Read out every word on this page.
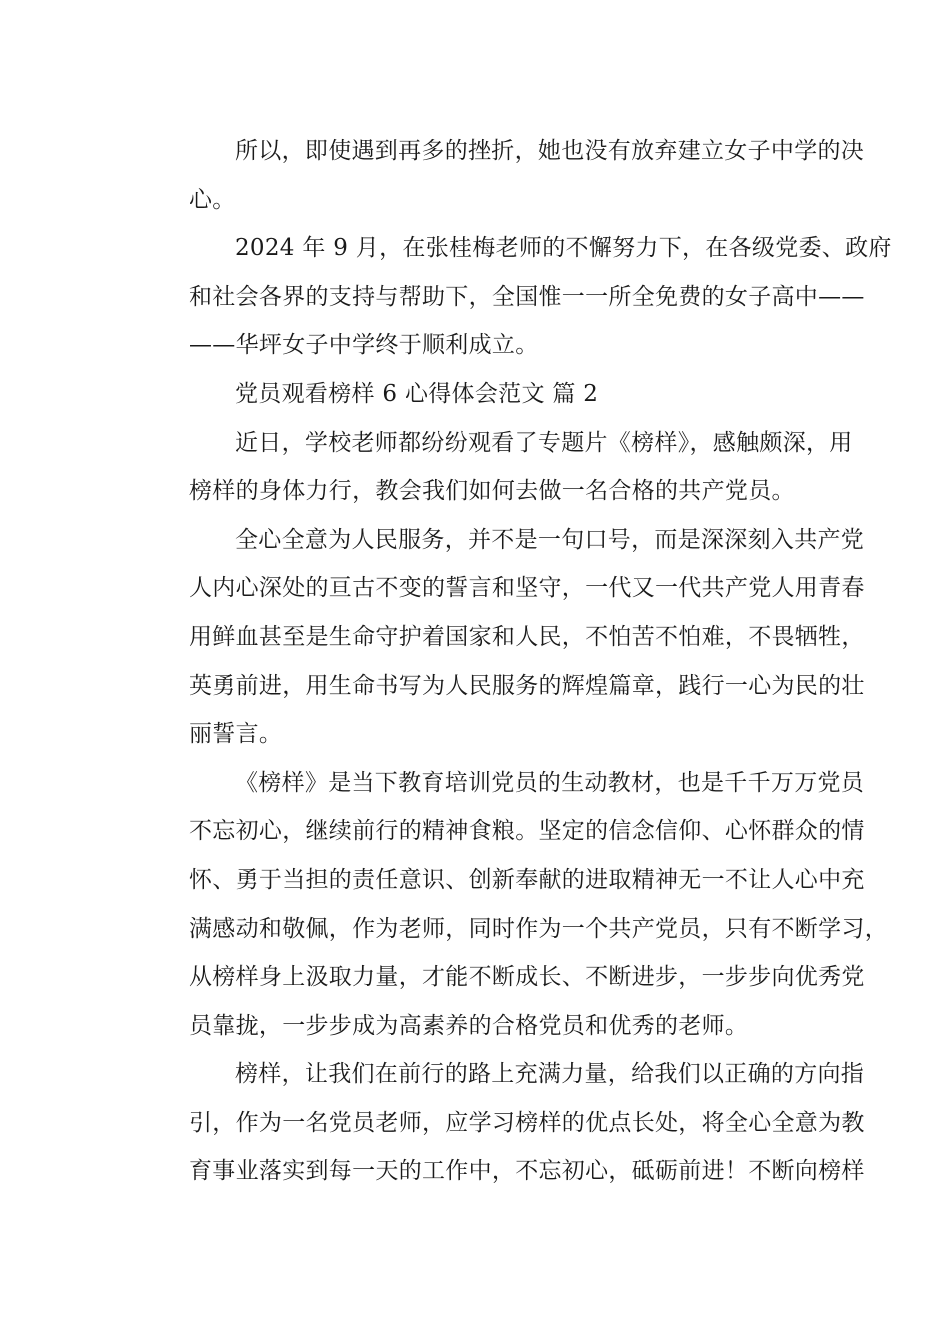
所以，即使遇到再多的挫折，她也没有放弃建立女子中学的决
心。

2024 年 9 月，在张桂梅老师的不懈努力下，在各级党委、政府
和社会各界的支持与帮助下，全国惟一一所全免费的女子高中——
——华坪女子中学终于顺利成立。

党员观看榜样 6 心得体会范文 篇 2

近日，学校老师都纷纷观看了专题片《榜样》，感触颇深，用
榜样的身体力行，教会我们如何去做一名合格的共产党员。

全心全意为人民服务，并不是一句口号，而是深深刻入共产党
人内心深处的亘古不变的誓言和坚守，一代又一代共产党人用青春
用鲜血甚至是生命守护着国家和人民，不怕苦不怕难，不畏牺牲，
英勇前进，用生命书写为人民服务的辉煌篇章，践行一心为民的壮
丽誓言。

《榜样》是当下教育培训党员的生动教材，也是千千万万党员
不忘初心，继续前行的精神食粮。坚定的信念信仰、心怀群众的情
怀、勇于当担的责任意识、创新奉献的进取精神无一不让人心中充
满感动和敬佩，作为老师，同时作为一个共产党员，只有不断学习，
从榜样身上汲取力量，才能不断成长、不断进步，一步步向优秀党
员靠拢，一步步成为高素养的合格党员和优秀的老师。

榜样，让我们在前行的路上充满力量，给我们以正确的方向指
引，作为一名党员老师，应学习榜样的优点长处，将全心全意为教
育事业落实到每一天的工作中，不忘初心，砥砺前进！不断向榜样
